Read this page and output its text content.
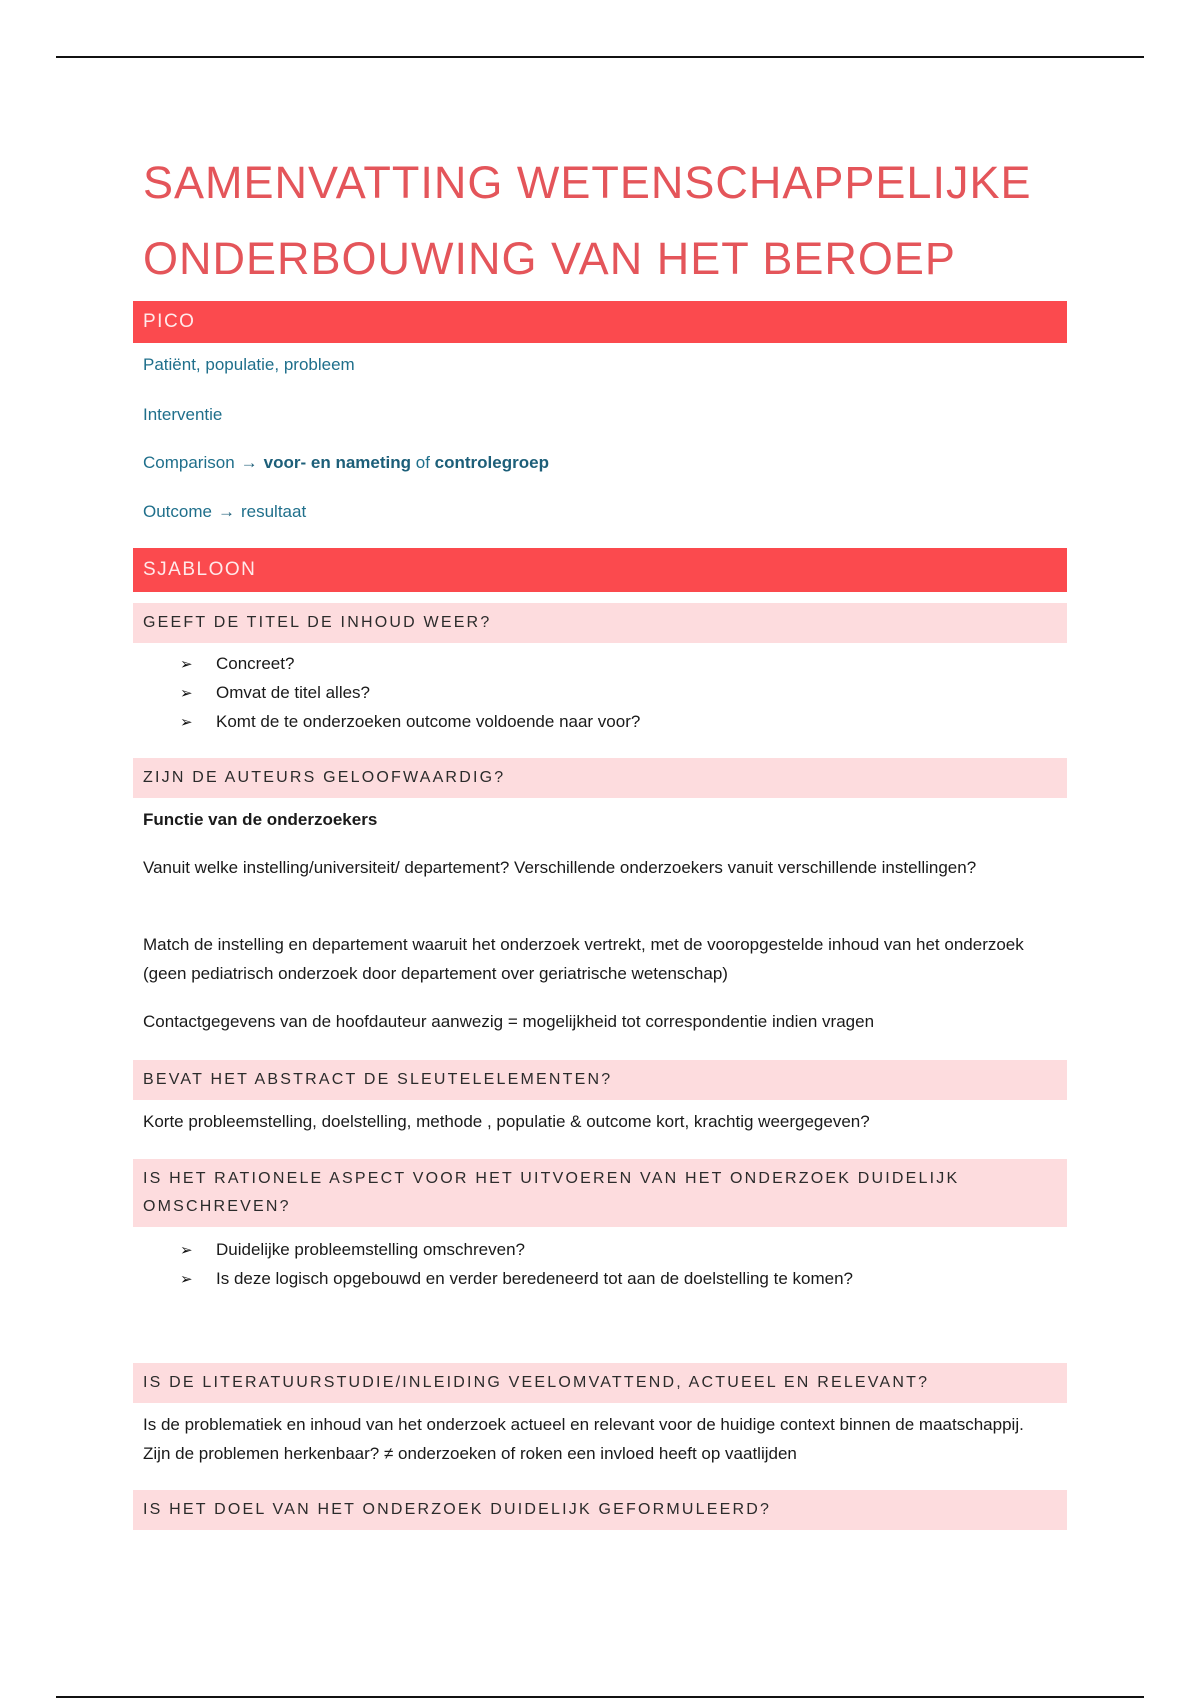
SAMENVATTING WETENSCHAPPELIJKE
ONDERBOUWING VAN HET BEROEP
PICO
Patiënt, populatie, probleem
Interventie
Comparison → voor- en nameting of controlegroep
Outcome → resultaat
SJABLOON
GEEFT DE TITEL DE INHOUD WEER?
➢ Concreet?
➢ Omvat de titel alles?
➢ Komt de te onderzoeken outcome voldoende naar voor?
ZIJN DE AUTEURS GELOOFWAARDIG?
Functie van de onderzoekers
Vanuit welke instelling/universiteit/ departement? Verschillende onderzoekers vanuit verschillende instellingen?
Match de instelling en departement waaruit het onderzoek vertrekt, met de vooropgestelde inhoud van het onderzoek (geen pediatrisch onderzoek door departement over geriatrische wetenschap)
Contactgegevens van de hoofdauteur aanwezig = mogelijkheid tot correspondentie indien vragen
BEVAT HET ABSTRACT DE SLEUTELELEMENTEN?
Korte probleemstelling, doelstelling, methode , populatie & outcome kort, krachtig weergegeven?
IS HET RATIONELE ASPECT VOOR HET UITVOEREN VAN HET ONDERZOEK DUIDELIJK
OMSCHREVEN?
➢ Duidelijke probleemstelling omschreven?
➢ Is deze logisch opgebouwd en verder beredeneerd tot aan de doelstelling te komen?
IS DE LITERATUURSTUDIE/INLEIDING VEELOMVATTEND, ACTUEEL EN RELEVANT?
Is de problematiek en inhoud van het onderzoek actueel en relevant voor de huidige context binnen de maatschappij. Zijn de problemen herkenbaar? ≠ onderzoeken of roken een invloed heeft op vaatlijden
IS HET DOEL VAN HET ONDERZOEK DUIDELIJK GEFORMULEERD?
